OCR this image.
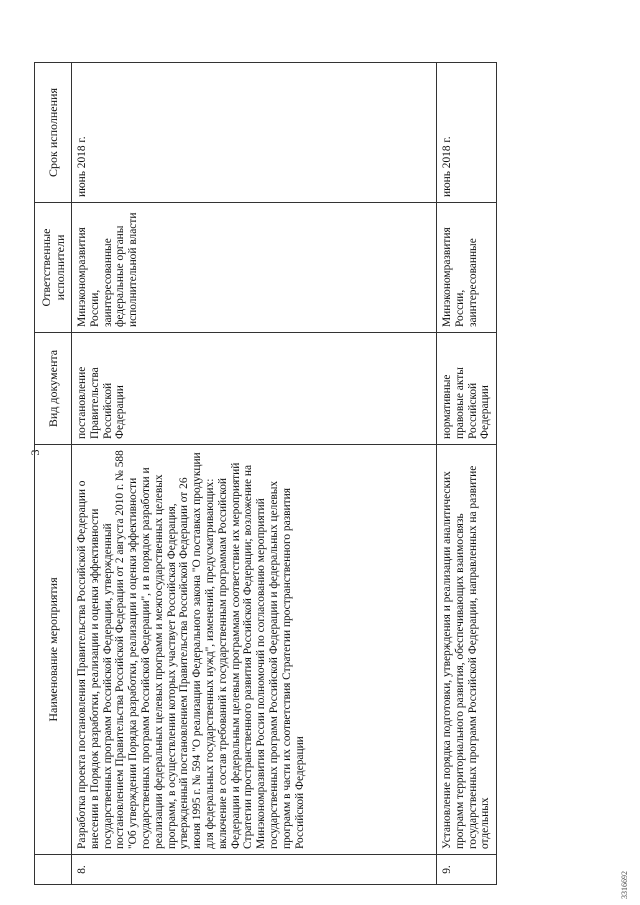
3
	Наименование мероприятия	Вид документа	Ответственные исполнители	Срок исполнения
8.	Разработка проекта постановления Правительства Российской Федерации о внесении в Порядок разработки, реализации и оценки эффективности государственных программ Российской Федерации, утвержденный постановлением Правительства Российской Федерации от 2 августа 2010 г. № 588 "Об утверждении Порядка разработки, реализации и оценки эффективности государственных программ Российской Федерации", и в порядок разработки и реализации федеральных целевых программ и межгосударственных целевых программ, в осуществлении которых участвует Российская Федерация, утвержденный постановлением Правительства Российской Федерации от 26 июня 1995 г. № 594 "О реализации Федерального закона "О поставках продукции для федеральных государственных нужд", изменений, предусматривающих: включение в состав требований к государственным программам Российской Федерации и федеральным целевым программам соответствие их мероприятий Стратегии пространственного развития Российской Федерации; возложение на Минэкономразвития России полномочий по согласованию мероприятий государственных программ Российской Федерации и федеральных целевых программ в части их соответствия Стратегии пространственного развития Российской Федерации	постановление Правительства Российской Федерации	Минэкономразвития России, заинтересованные федеральные органы исполнительной власти	июнь 2018 г.
9.	Установление порядка подготовки, утверждения и реализации аналитических программ территориального развития, обеспечивающих взаимосвязь государственных программ Российской Федерации, направленных на развитие отдельных	нормативные правовые акты Российской Федерации	Минэкономразвития России, заинтересованные	июнь 2018 г.
3316692
